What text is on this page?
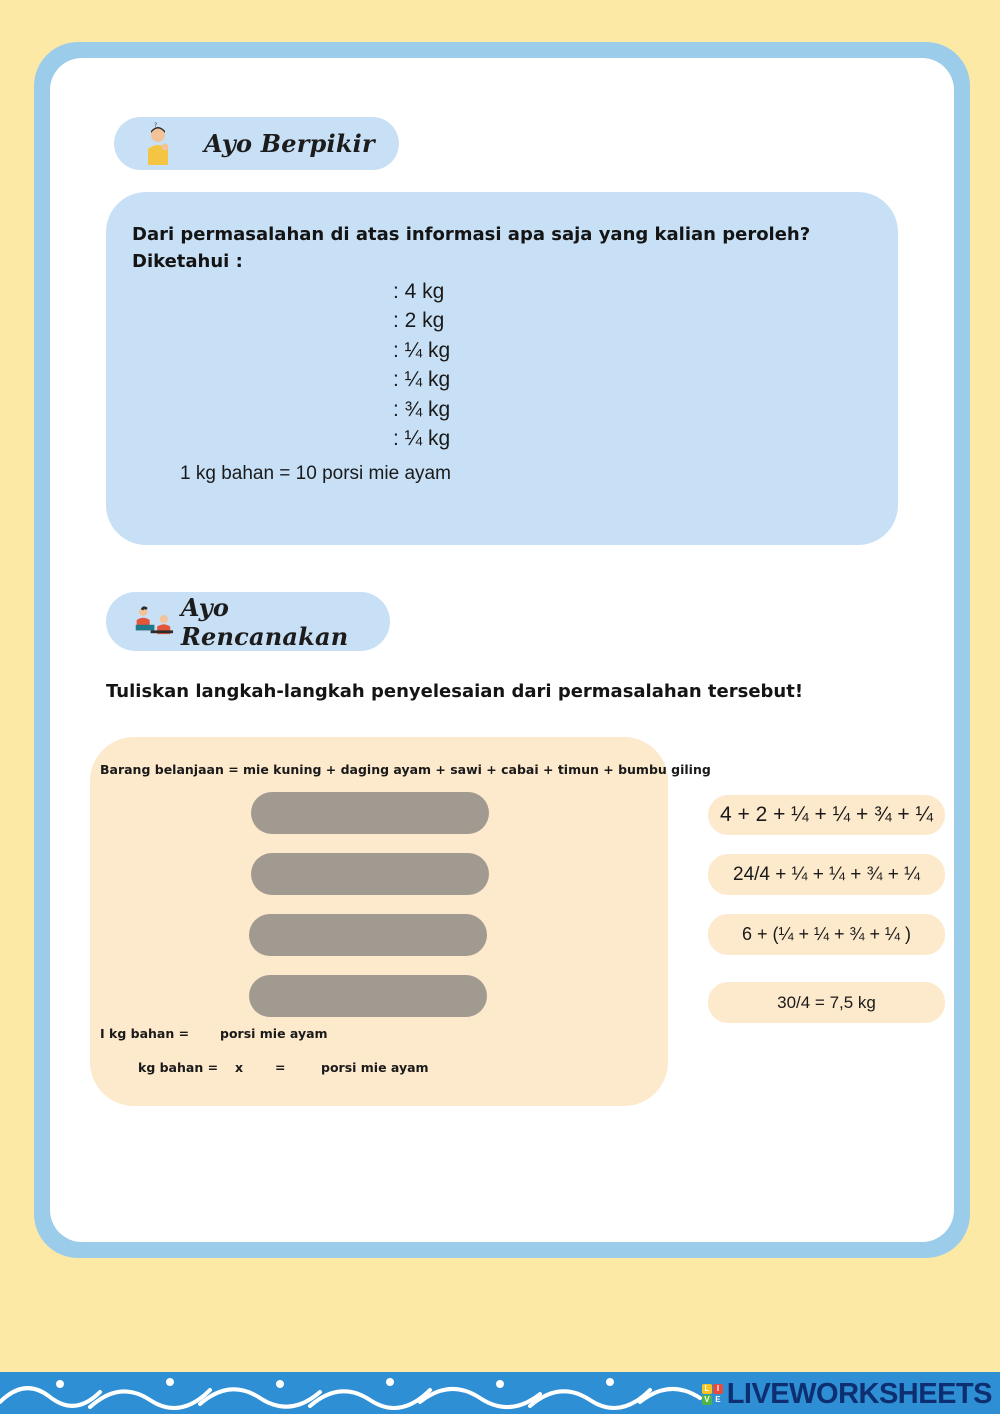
?
Ayo Berpikir
Dari permasalahan di atas informasi apa saja yang kalian peroleh?
Diketahui :
: 4 kg
: 2 kg
: ¼ kg
: ¼ kg
: ¾ kg
: ¼ kg
1 kg bahan = 10 porsi mie ayam
Ayo Rencanakan
Tuliskan langkah-langkah penyelesaian dari permasalahan tersebut!
Barang belanjaan = mie kuning + daging ayam + sawi + cabai + timun + bumbu giling
I kg bahan = porsi mie ayam
kg bahan = x	=	porsi mie ayam
4 + 2 + ¼ + ¼ + ¾ + ¼
24/4 + ¼ + ¼ + ¾ + ¼
6 + (¼ + ¼ + ¾ + ¼ )
30/4 = 7,5 kg
L I
V E LIVEWORKSHEETS
